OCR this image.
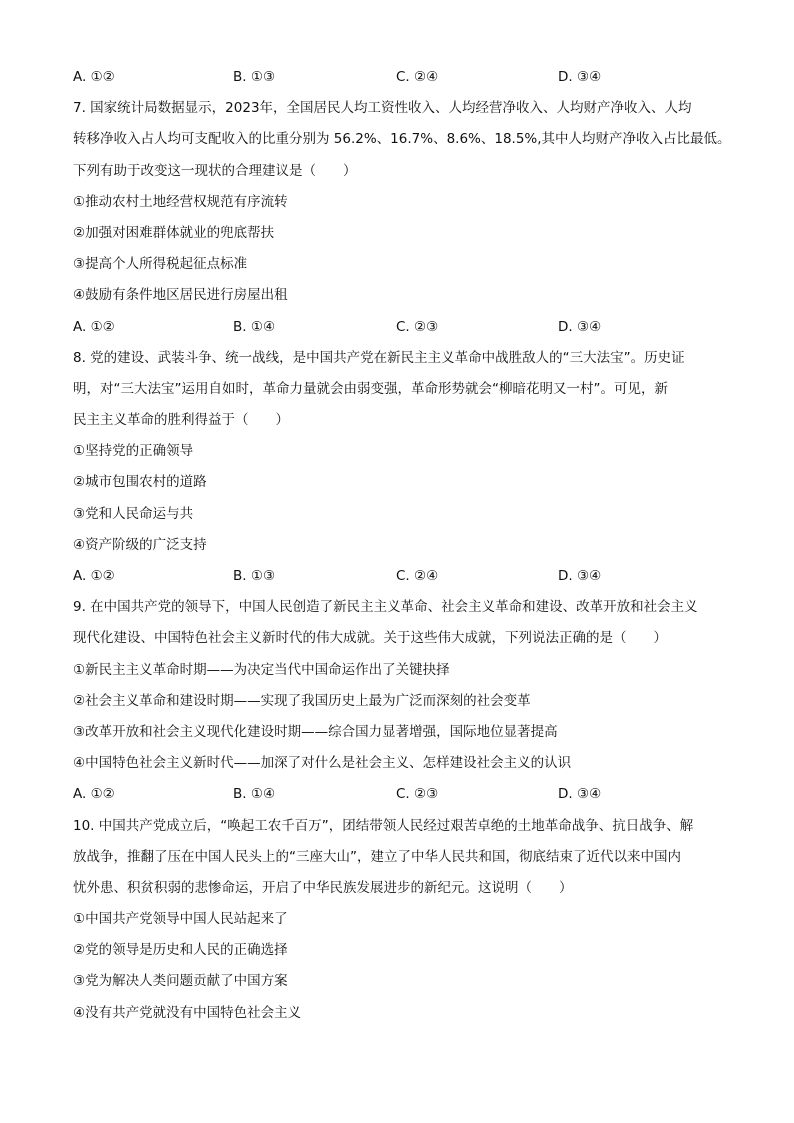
A. ①②	B. ①③	C. ②④	D. ③④
7. 国家统计局数据显示，2023年，全国居民人均工资性收入、人均经营净收入、人均财产净收入、人均
转移净收入占人均可支配收入的比重分别为 56.2%、16.7%、8.6%、18.5%,其中人均财产净收入占比最低。
下列有助于改变这一现状的合理建议是（　　）
①推动农村土地经营权规范有序流转
②加强对困难群体就业的兜底帮扶
③提高个人所得税起征点标准
④鼓励有条件地区居民进行房屋出租
A. ①②	B. ①④	C. ②③	D. ③④
8. 党的建设、武装斗争、统一战线，是中国共产党在新民主主义革命中战胜敌人的“三大法宝”。历史证
明，对“三大法宝”运用自如时，革命力量就会由弱变强，革命形势就会“柳暗花明又一村”。可见，新
民主主义革命的胜利得益于（　　）
①坚持党的正确领导
②城市包围农村的道路
③党和人民命运与共
④资产阶级的广泛支持
A. ①②	B. ①③	C. ②④	D. ③④
9. 在中国共产党的领导下，中国人民创造了新民主主义革命、社会主义革命和建设、改革开放和社会主义
现代化建设、中国特色社会主义新时代的伟大成就。关于这些伟大成就，下列说法正确的是（　　）
①新民主主义革命时期——为决定当代中国命运作出了关键抉择
②社会主义革命和建设时期——实现了我国历史上最为广泛而深刻的社会变革
③改革开放和社会主义现代化建设时期——综合国力显著增强，国际地位显著提高
④中国特色社会主义新时代——加深了对什么是社会主义、怎样建设社会主义的认识
A. ①②	B. ①④	C. ②③	D. ③④
10. 中国共产党成立后，“唤起工农千百万”，团结带领人民经过艰苦卓绝的土地革命战争、抗日战争、解
放战争，推翻了压在中国人民头上的“三座大山”，建立了中华人民共和国，彻底结束了近代以来中国内
忧外患、积贫积弱的悲惨命运，开启了中华民族发展进步的新纪元。这说明（　　）
①中国共产党领导中国人民站起来了
②党的领导是历史和人民的正确选择
③党为解决人类问题贡献了中国方案
④没有共产党就没有中国特色社会主义
